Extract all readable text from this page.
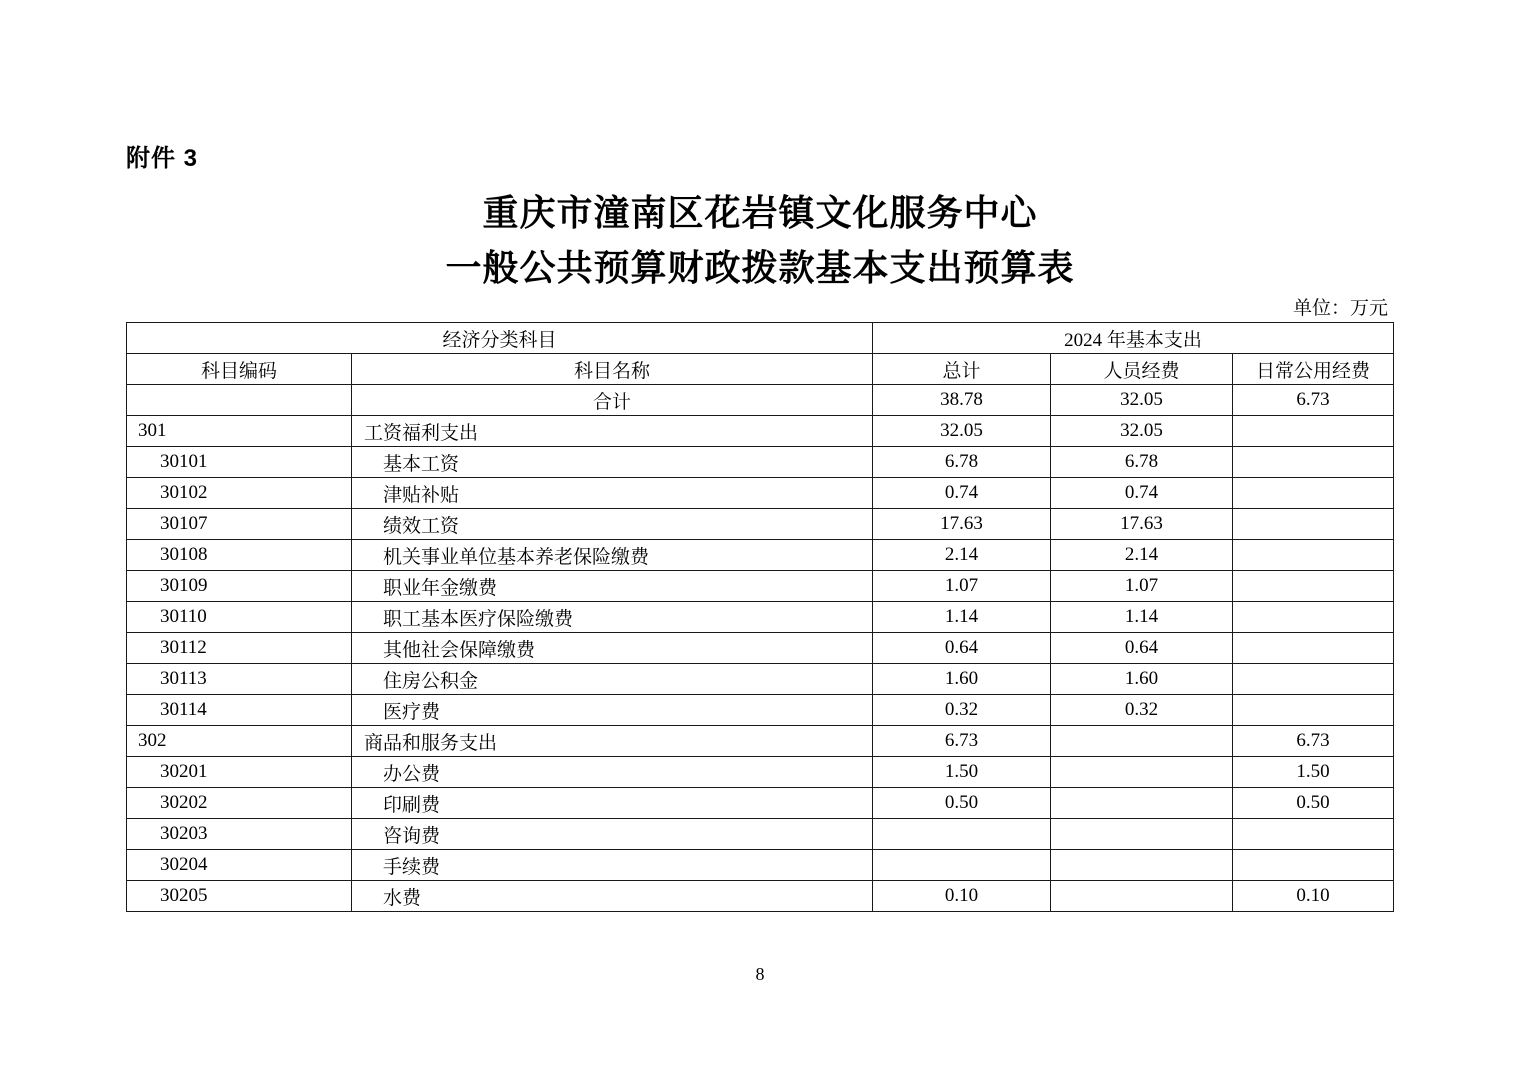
附件 3
重庆市潼南区花岩镇文化服务中心
一般公共预算财政拨款基本支出预算表
单位：万元
经济分类科目		2024 年基本支出		
科目编码	科目名称	总计	人员经费	日常公用经费
	合计	38.78	32.05	6.73
301	工资福利支出	32.05	32.05	
30101	基本工资	6.78	6.78	
30102	津贴补贴	0.74	0.74	
30107	绩效工资	17.63	17.63	
30108	机关事业单位基本养老保险缴费	2.14	2.14	
30109	职业年金缴费	1.07	1.07	
30110	职工基本医疗保险缴费	1.14	1.14	
30112	其他社会保障缴费	0.64	0.64	
30113	住房公积金	1.60	1.60	
30114	医疗费	0.32	0.32	
302	商品和服务支出	6.73		6.73
30201	办公费	1.50		1.50
30202	印刷费	0.50		0.50
30203	咨询费			
30204	手续费			
30205	水费	0.10		0.10
8
